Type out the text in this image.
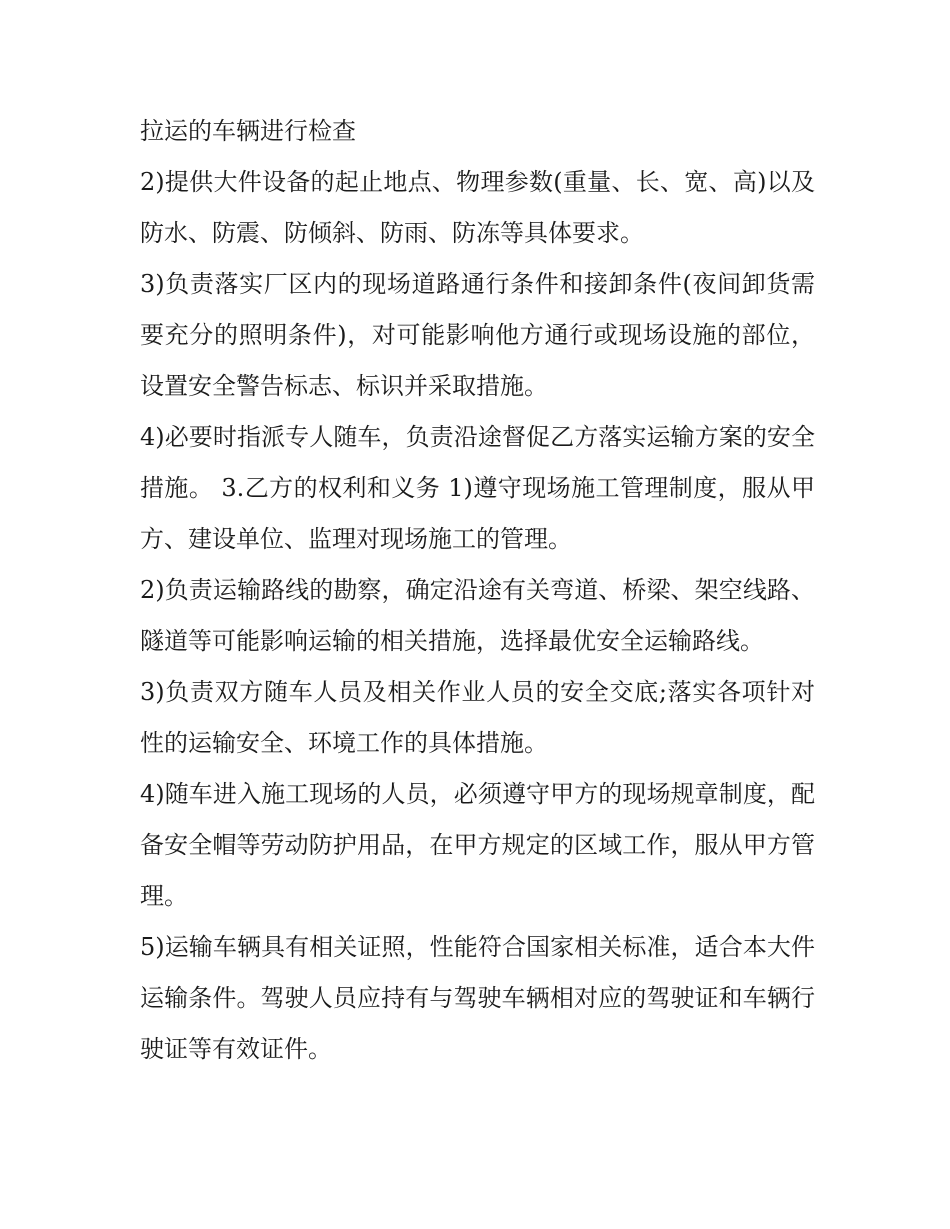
拉运的车辆进行检查

2)提供大件设备的起止地点、物理参数(重量、长、宽、高)以及防水、防震、防倾斜、防雨、防冻等具体要求。

3)负责落实厂区内的现场道路通行条件和接卸条件(夜间卸货需要充分的照明条件)，对可能影响他方通行或现场设施的部位，设置安全警告标志、标识并采取措施。

4)必要时指派专人随车，负责沿途督促乙方落实运输方案的安全措施。 3.乙方的权利和义务 1)遵守现场施工管理制度，服从甲方、建设单位、监理对现场施工的管理。

2)负责运输路线的勘察，确定沿途有关弯道、桥梁、架空线路、隧道等可能影响运输的相关措施，选择最优安全运输路线。

3)负责双方随车人员及相关作业人员的安全交底;落实各项针对性的运输安全、环境工作的具体措施。

4)随车进入施工现场的人员，必须遵守甲方的现场规章制度，配备安全帽等劳动防护用品，在甲方规定的区域工作，服从甲方管理。

5)运输车辆具有相关证照，性能符合国家相关标准，适合本大件运输条件。驾驶人员应持有与驾驶车辆相对应的驾驶证和车辆行驶证等有效证件。
